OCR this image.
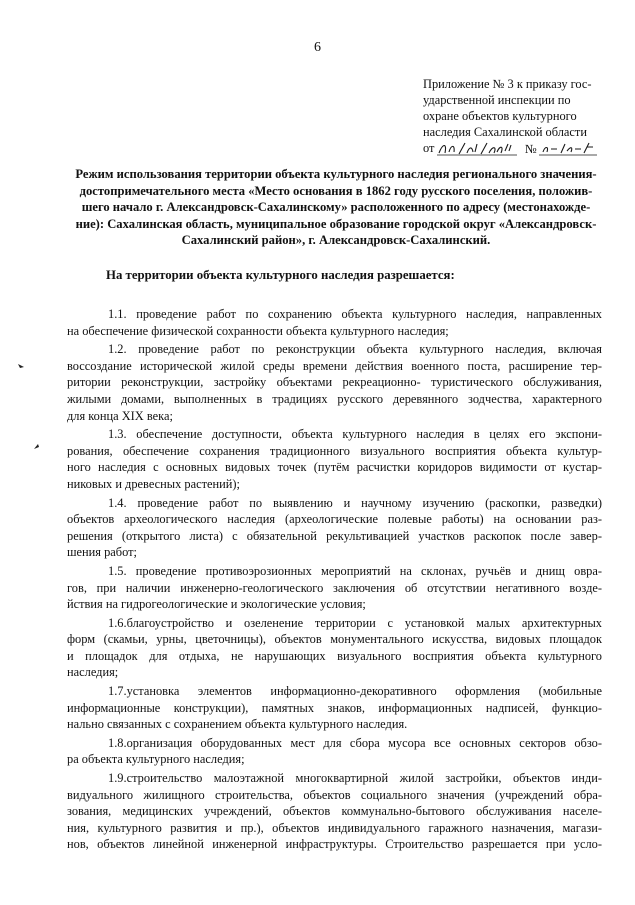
6
Приложение № 3 к приказу гос-
ударственной инспекции по
охране объектов культурного
наследия Сахалинской области
от	№
Режим использования территории объекта культурного наследия регионального значения-
достопримечательного места «Место основания в 1862 году русского поселения, положив-
шего начало г. Александровск-Сахалинскому» расположенного по адресу (местонахожде-
ние): Сахалинская область, муниципальное образование городской округ «Александровск-
Сахалинский район», г. Александровск-Сахалинский.
На территории объекта культурного наследия разрешается:
1.1. проведение работ по сохранению объекта культурного наследия, направленных
на обеспечение физической сохранности объекта культурного наследия;
1.2. проведение работ по реконструкции объекта культурного наследия, включая
воссоздание исторической жилой среды времени действия военного поста, расширение тер-
ритории реконструкции, застройку объектами рекреационно- туристического обслуживания,
жилыми домами, выполненных в традициях русского деревянного зодчества, характерного
для конца XIX века;
1.3. обеспечение доступности, объекта культурного наследия в целях его экспони-
рования, обеспечение сохранения традиционного визуального восприятия объекта культур-
ного наследия с основных видовых точек (путём расчистки коридоров видимости от кустар-
никовых и древесных растений);
1.4. проведение работ по выявлению и научному изучению (раскопки, разведки)
объектов археологического наследия (археологические полевые работы) на основании раз-
решения (открытого листа) с обязательной рекультивацией участков раскопок после завер-
шения работ;
1.5. проведение противоэрозионных мероприятий на склонах, ручьёв и днищ овра-
гов, при наличии инженерно-геологического заключения об отсутствии негативного возде-
йствия на гидрогеологические и экологические условия;
1.6.благоустройство и озеленение территории с установкой малых архитектурных
форм (скамьи, урны, цветочницы), объектов монументального искусства, видовых площадок
и площадок для отдыха, не нарушающих визуального восприятия объекта культурного
наследия;
1.7.установка элементов информационно-декоративного оформления (мобильные
информационные конструкции), памятных знаков, информационных надписей, функцио-
нально связанных с сохранением объекта культурного наследия.
1.8.организация оборудованных мест для сбора мусора все основных секторов обзо-
ра объекта культурного наследия;
1.9.строительство малоэтажной многоквартирной жилой застройки, объектов инди-
видуального жилищного строительства, объектов социального значения (учреждений обра-
зования, медицинских учреждений, объектов коммунально-бытового обслуживания населе-
ния, культурного развития и пр.), объектов индивидуального гаражного назначения, магази-
нов, объектов линейной инженерной инфраструктуры. Строительство разрешается при усло-
